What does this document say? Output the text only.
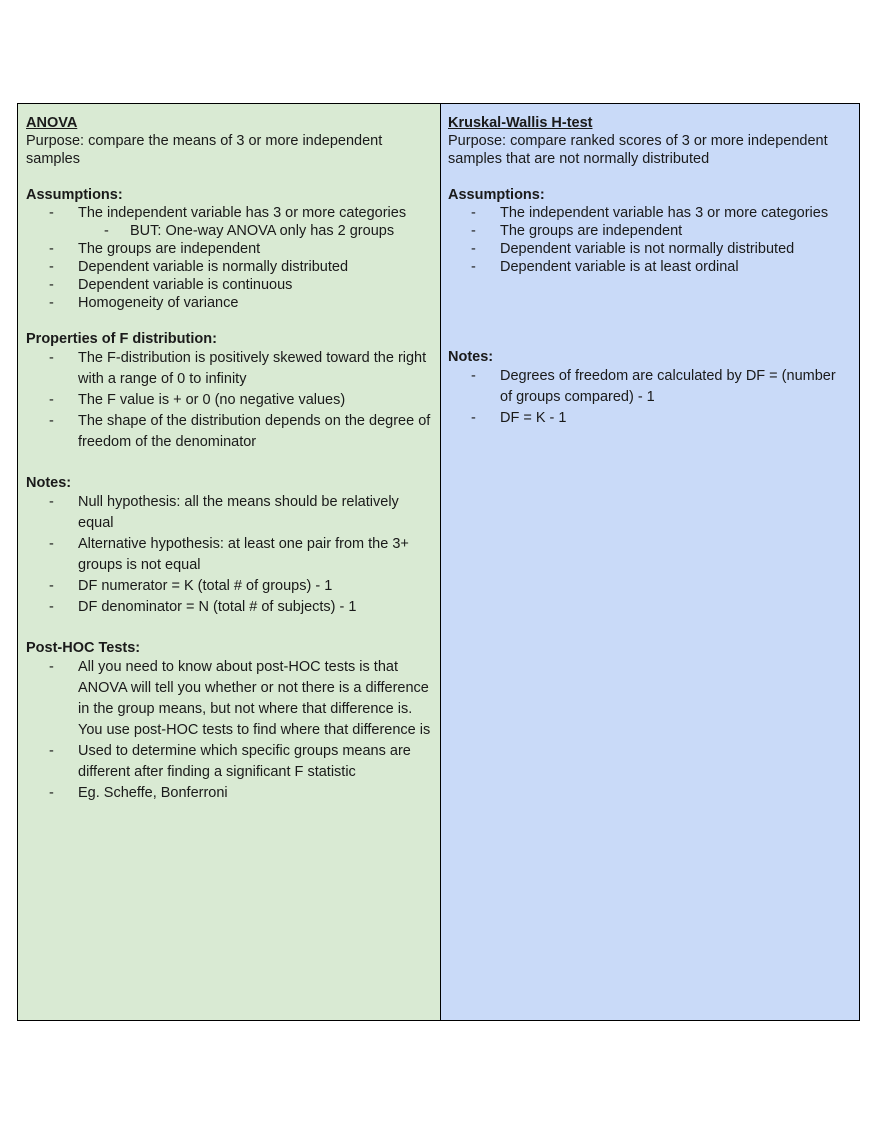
ANOVA
Purpose: compare the means of 3 or more independent samples
Assumptions:
- The independent variable has 3 or more categories
- BUT: One-way ANOVA only has 2 groups
- The groups are independent
- Dependent variable is normally distributed
- Dependent variable is continuous
- Homogeneity of variance
Properties of F distribution:
- The F-distribution is positively skewed toward the right with a range of 0 to infinity
- The F value is + or 0 (no negative values)
- The shape of the distribution depends on the degree of freedom of the denominator
Notes:
- Null hypothesis: all the means should be relatively equal
- Alternative hypothesis: at least one pair from the 3+ groups is not equal
- DF numerator = K (total # of groups) - 1
- DF denominator = N (total # of subjects) - 1
Post-HOC Tests:
- All you need to know about post-HOC tests is that ANOVA will tell you whether or not there is a difference in the group means, but not where that difference is. You use post-HOC tests to find where that difference is
- Used to determine which specific groups means are different after finding a significant F statistic
- Eg. Scheffe, Bonferroni
Kruskal-Wallis H-test
Purpose: compare ranked scores of 3 or more independent samples that are not normally distributed
Assumptions:
- The independent variable has 3 or more categories
- The groups are independent
- Dependent variable is not normally distributed
- Dependent variable is at least ordinal
Notes:
- Degrees of freedom are calculated by DF = (number of groups compared) - 1
- DF = K - 1
